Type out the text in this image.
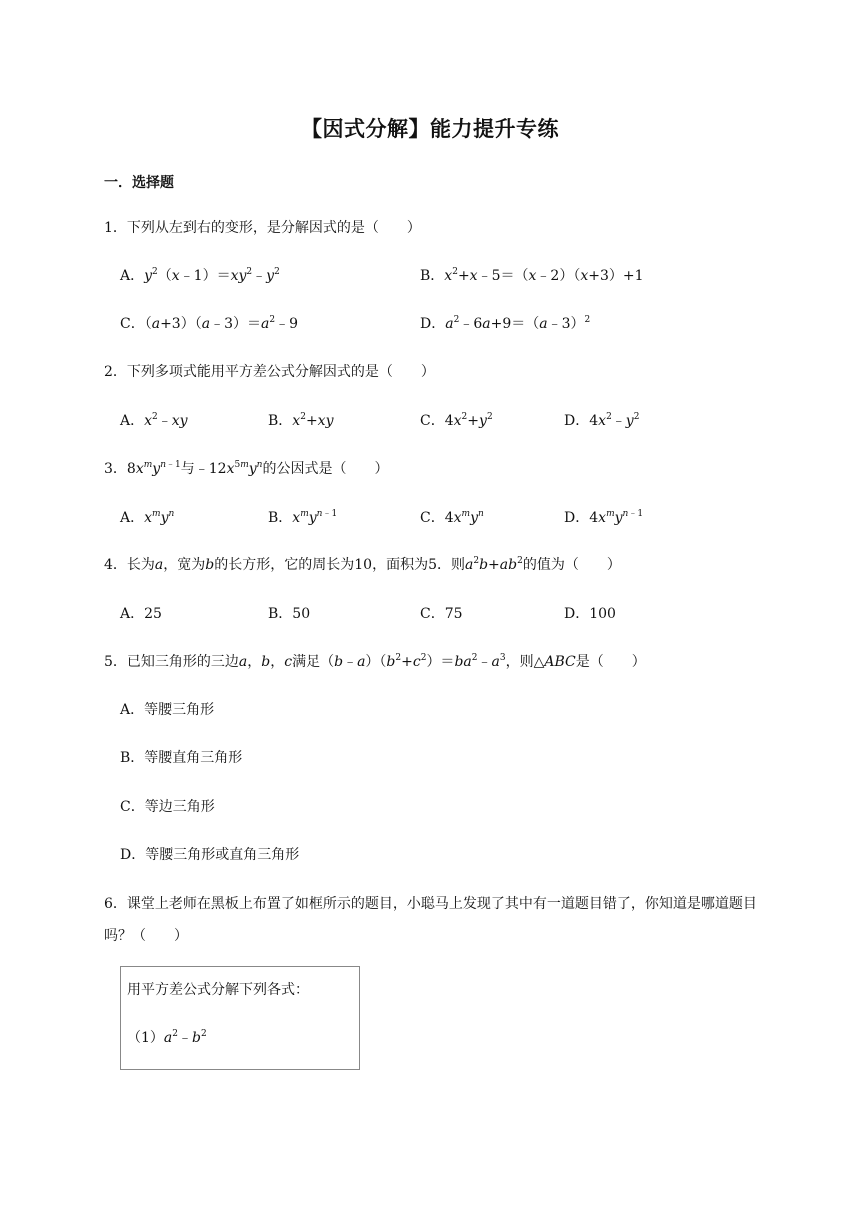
【因式分解】能力提升专练
一．选择题
1．下列从左到右的变形，是分解因式的是（　　）
A．$y^2(x﹣1)=xy^2﹣y^2$	B．$x^2+x﹣5=(x﹣2)(x+3)+1$
C．$(a+3)(a﹣3)=a^2﹣9$	D．$a^2﹣6a+9=(a﹣3)^2$
2．下列多项式能用平方差公式分解因式的是（　　）
A．$x^2﹣xy$	B．$x^2+xy$	C．$4x^2+y^2$	D．$4x^2﹣y^2$
3．$8x^my^{n﹣1}$与$﹣12x^{5m}y^n$的公因式是（　　）
A．$x^my^n$	B．$x^my^{n﹣1}$	C．$4x^my^n$	D．$4x^my^{n﹣1}$
4．长为a，宽为b的长方形，它的周长为10，面积为5．则$a^2b+ab^2$的值为（　　）
A．25	B．50	C．75	D．100
5．已知三角形的三边a，b，c满足$(b﹣a)(b^2+c^2)=ba^2﹣a^3$，则△ABC是（　　）
A．等腰三角形
B．等腰直角三角形
C．等边三角形
D．等腰三角形或直角三角形
6．课堂上老师在黑板上布置了如框所示的题目，小聪马上发现了其中有一道题目错了，你知道是哪道题目吗？（　　）
用平方差公式分解下列各式：
$(1)a^2﹣b^2$
